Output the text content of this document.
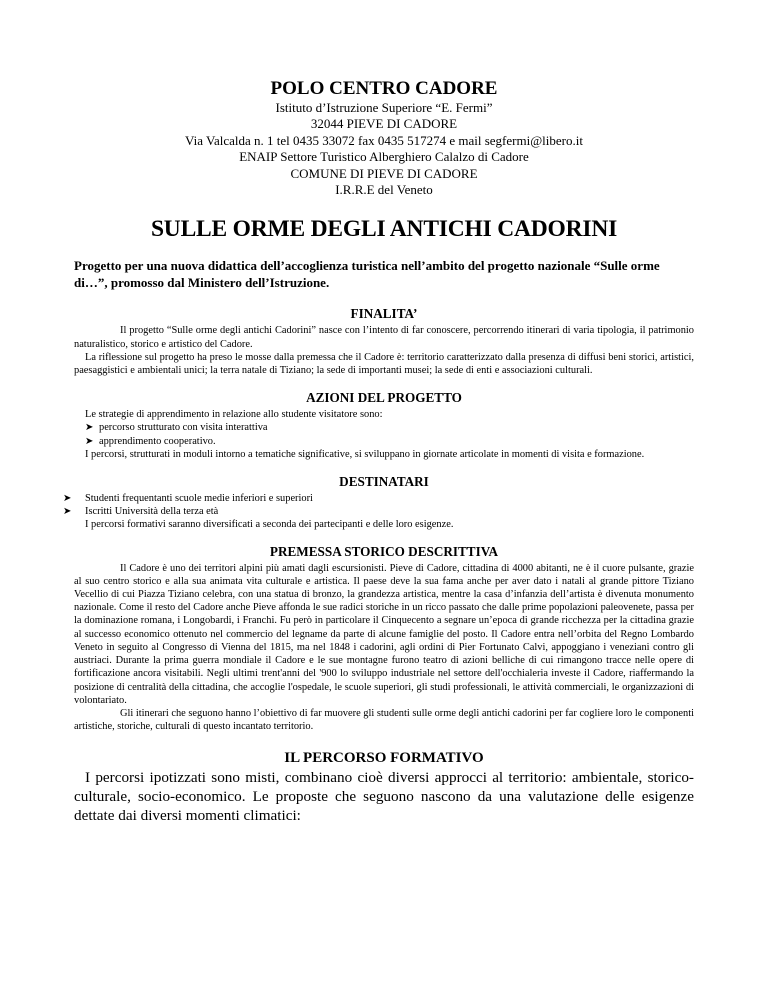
POLO CENTRO CADORE

Istituto d’Istruzione Superiore “E. Fermi”

32044 PIEVE DI CADORE

Via Valcalda n. 1 tel 0435 33072 fax 0435 517274 e mail segfermi@libero.it

ENAIP Settore Turistico Alberghiero Calalzo di Cadore

COMUNE DI PIEVE DI CADORE

I.R.R.E del Veneto

SULLE ORME DEGLI ANTICHI CADORINI

Progetto per una nuova didattica dell’accoglienza turistica nell’ambito del progetto nazionale “Sulle orme di…”, promosso dal Ministero dell’Istruzione.

FINALITA’

Il progetto “Sulle orme degli antichi Cadorini” nasce con l’intento di far conoscere, percorrendo itinerari di varia tipologia, il patrimonio naturalistico, storico e artistico del Cadore.

La riflessione sul progetto ha preso le mosse dalla premessa che il Cadore è: territorio caratterizzato dalla presenza di diffusi beni storici, artistici, paesaggistici e ambientali unici; la terra natale di Tiziano; la sede di importanti musei; la sede di enti e associazioni culturali.

AZIONI DEL PROGETTO

Le strategie di apprendimento in relazione allo studente visitatore sono:

➤ percorso strutturato con visita interattiva
➤ apprendimento cooperativo.

I percorsi, strutturati in moduli intorno a tematiche significative, si sviluppano in giornate articolate in momenti di visita e formazione.

DESTINATARI
➤ Studenti frequentanti scuole medie inferiori e superiori
➤ Iscritti Università della terza età

I percorsi formativi saranno diversificati a seconda dei partecipanti e delle loro esigenze.

PREMESSA STORICO DESCRITTIVA

Il Cadore è uno dei territori alpini più amati dagli escursionisti. Pieve di Cadore, cittadina di 4000 abitanti, ne è il cuore pulsante, grazie al suo centro storico e alla sua animata vita culturale e artistica. Il paese deve la sua fama anche per aver dato i natali al grande pittore Tiziano Vecellio di cui Piazza Tiziano celebra, con una statua di bronzo, la grandezza artistica, mentre la casa d’infanzia dell’artista è divenuta monumento nazionale. Come il resto del Cadore anche Pieve affonda le sue radici storiche in un ricco passato che dalle prime popolazioni paleovenete, passa per la dominazione romana, i Longobardi, i Franchi. Fu però in particolare il Cinquecento a segnare un’epoca di grande ricchezza per la cittadina grazie al successo economico ottenuto nel commercio del legname da parte di alcune famiglie del posto. Il Cadore entra nell’orbita del Regno Lombardo Veneto in seguito al Congresso di Vienna del 1815, ma nel 1848 i cadorini, agli ordini di Pier Fortunato Calvi, appoggiano i veneziani contro gli austriaci. Durante la prima guerra mondiale il Cadore e le sue montagne furono teatro di azioni belliche di cui rimangono tracce nelle opere di fortificazione ancora visitabili. Negli ultimi trent'anni del '900 lo sviluppo industriale nel settore dell'occhialeria investe il Cadore, riaffermando la posizione di centralità della cittadina, che accoglie l'ospedale, le scuole superiori, gli studi professionali, le attività commerciali, le organizzazioni di volontariato.

Gli itinerari che seguono hanno l’obiettivo di far muovere gli studenti sulle orme degli antichi cadorini per far cogliere loro le componenti artistiche, storiche, culturali di questo incantato territorio.

IL PERCORSO FORMATIVO

I percorsi ipotizzati sono misti, combinano cioè diversi approcci al territorio: ambientale, storico-culturale, socio-economico. Le proposte che seguono nascono da una valutazione delle esigenze dettate dai diversi momenti climatici:
